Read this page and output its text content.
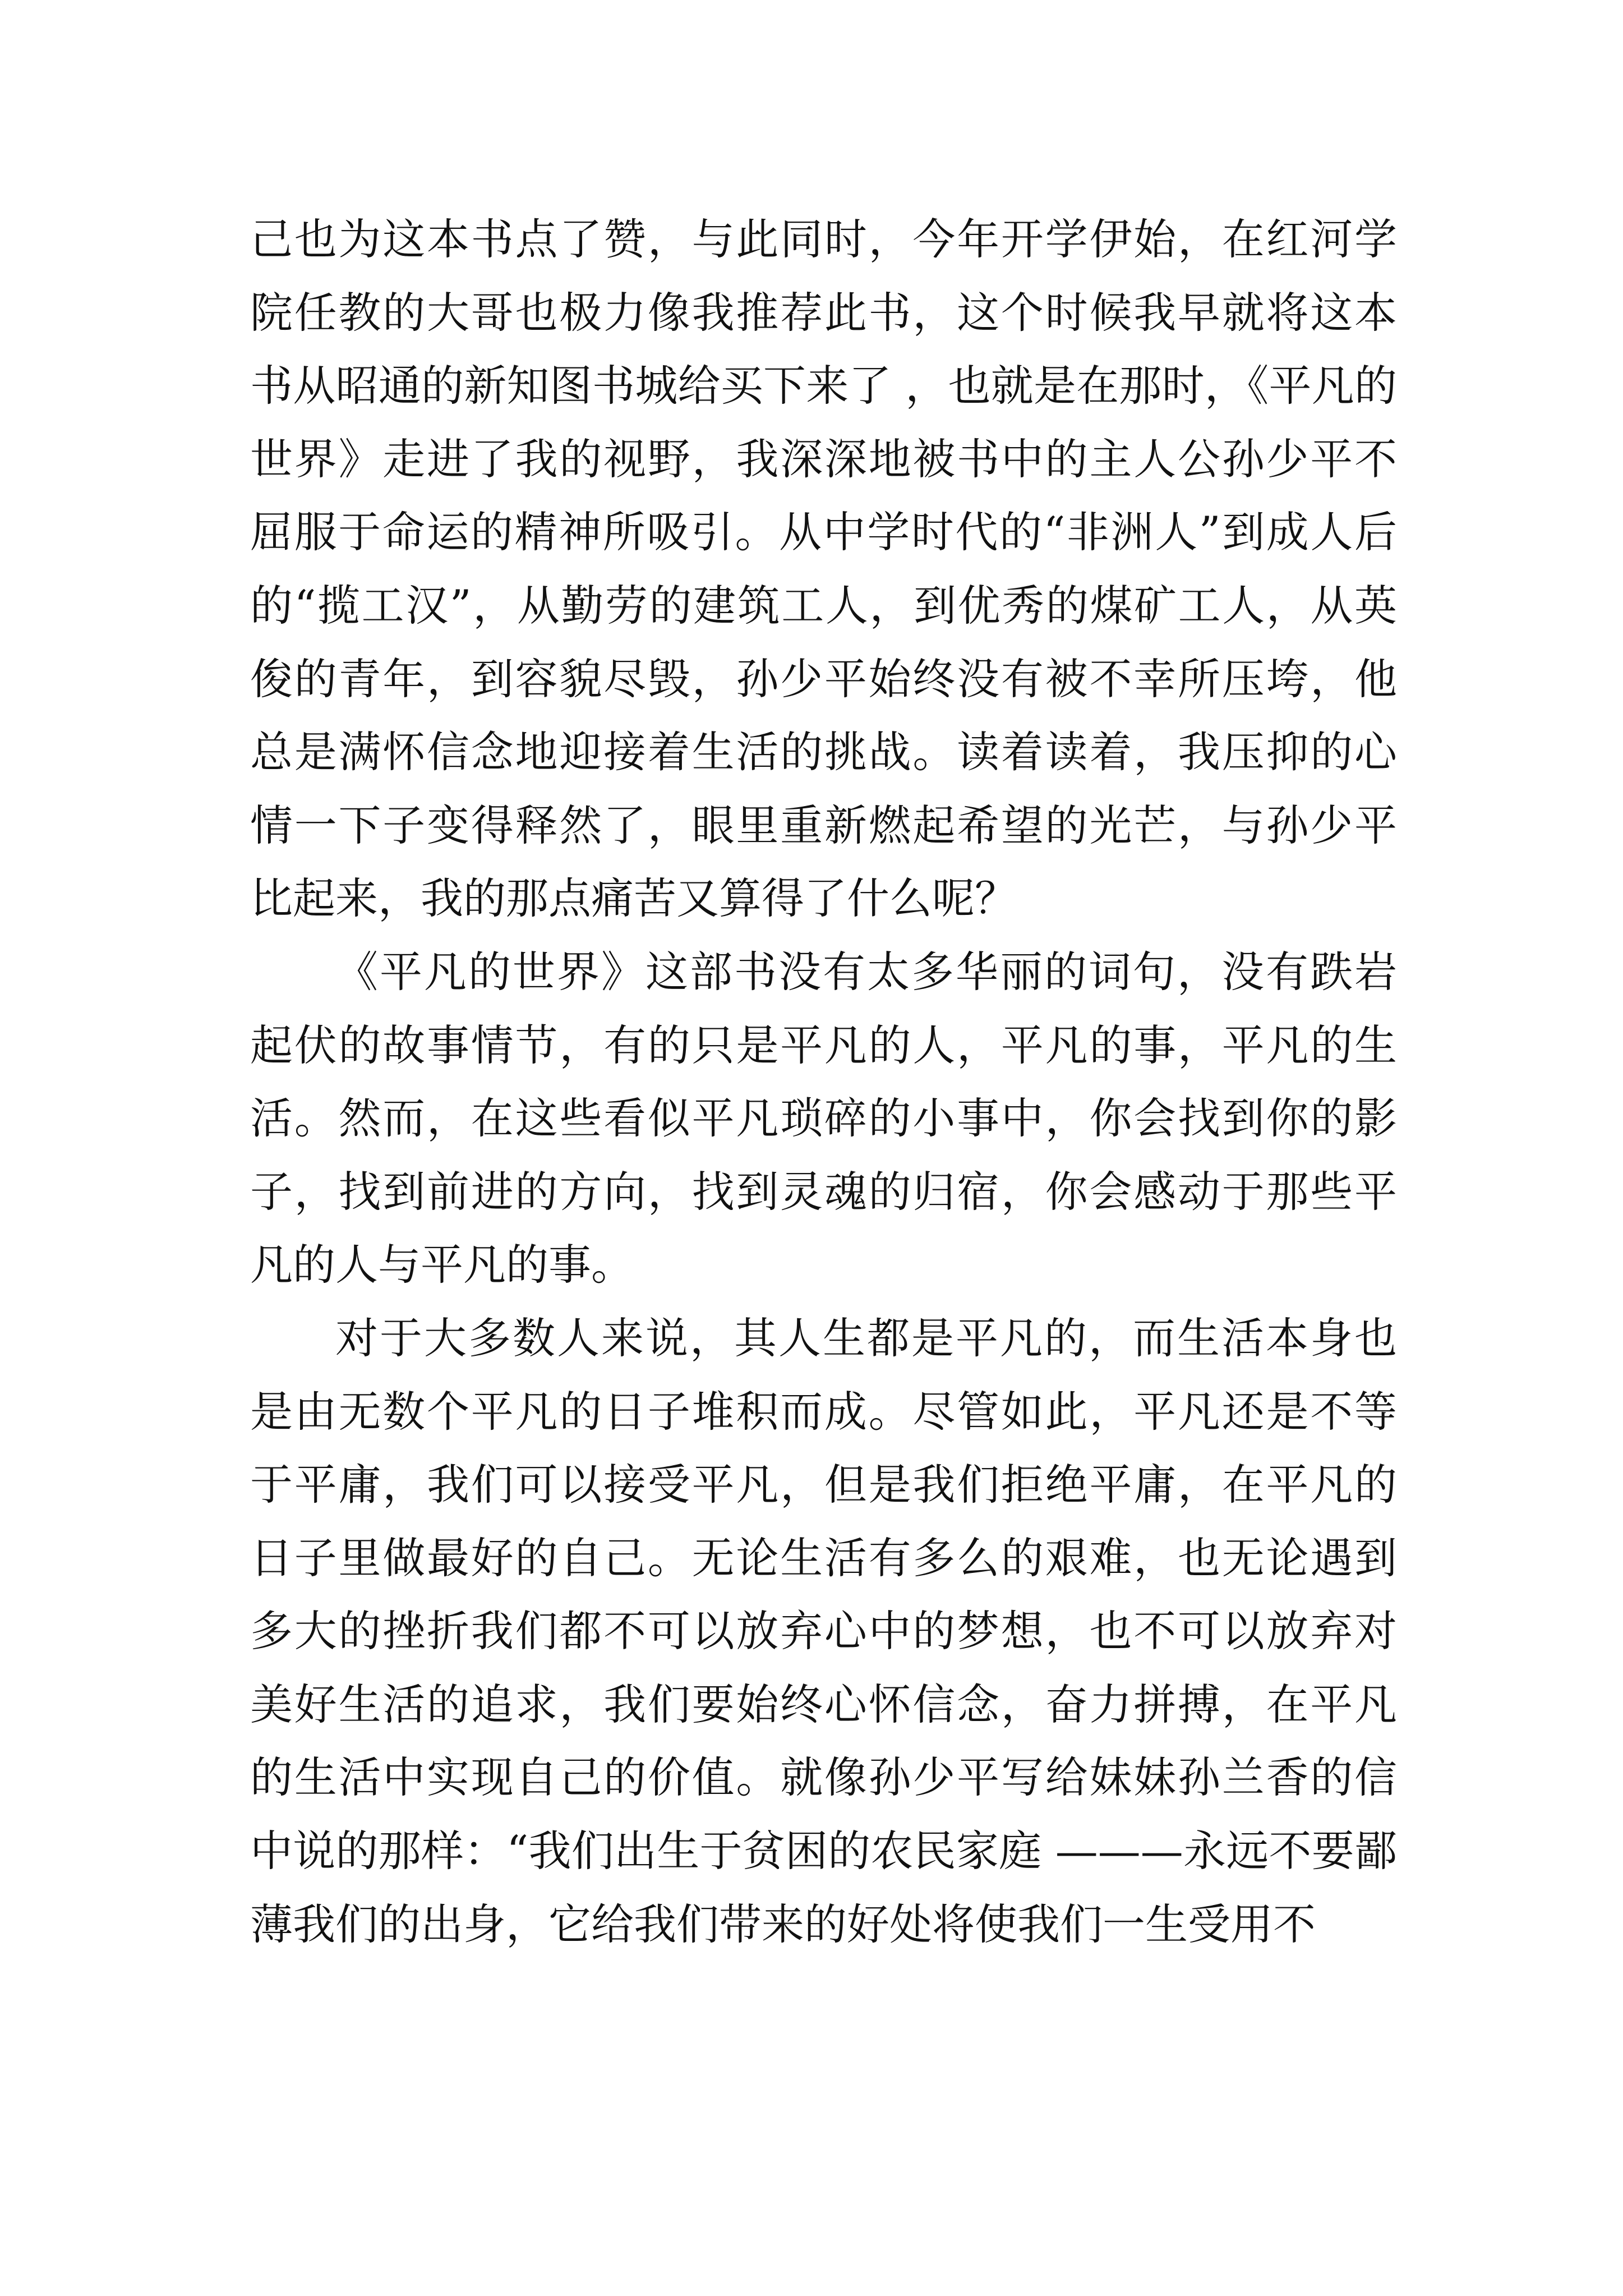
己也为这本书点了赞，与此同时，今年开学伊始，在红河学院任教的大哥也极力像我推荐此书，这个时候我早就将这本书从昭通的新知图书城给买下来了 ，也就是在那时，《平凡的世界》走进了我的视野，我深深地被书中的主人公孙少平不屈服于命运的精神所吸引。从中学时代的“非洲人”到成人后的“揽工汉”，从勤劳的建筑工人，到优秀的煤矿工人，从英俊的青年，到容貌尽毁，孙少平始终没有被不幸所压垮，他总是满怀信念地迎接着生活的挑战。读着读着，我压抑的心情一下子变得释然了，眼里重新燃起希望的光芒，与孙少平比起来，我的那点痛苦又算得了什么呢？

《平凡的世界》这部书没有太多华丽的词句，没有跌岩起伏的故事情节，有的只是平凡的人，平凡的事，平凡的生活。然而，在这些看似平凡琐碎的小事中，你会找到你的影子，找到前进的方向，找到灵魂的归宿，你会感动于那些平凡的人与平凡的事。

对于大多数人来说，其人生都是平凡的，而生活本身也是由无数个平凡的日子堆积而成。尽管如此，平凡还是不等于平庸，我们可以接受平凡，但是我们拒绝平庸，在平凡的日子里做最好的自己。无论生活有多么的艰难，也无论遇到多大的挫折我们都不可以放弃心中的梦想，也不可以放弃对美好生活的追求，我们要始终心怀信念，奋力拼搏，在平凡的生活中实现自己的价值。就像孙少平写给妹妹孙兰香的信中说的那样：“我们出生于贫困的农民家庭 ———永远不要鄙薄我们的出身，它给我们带来的好处将使我们一生受用不
